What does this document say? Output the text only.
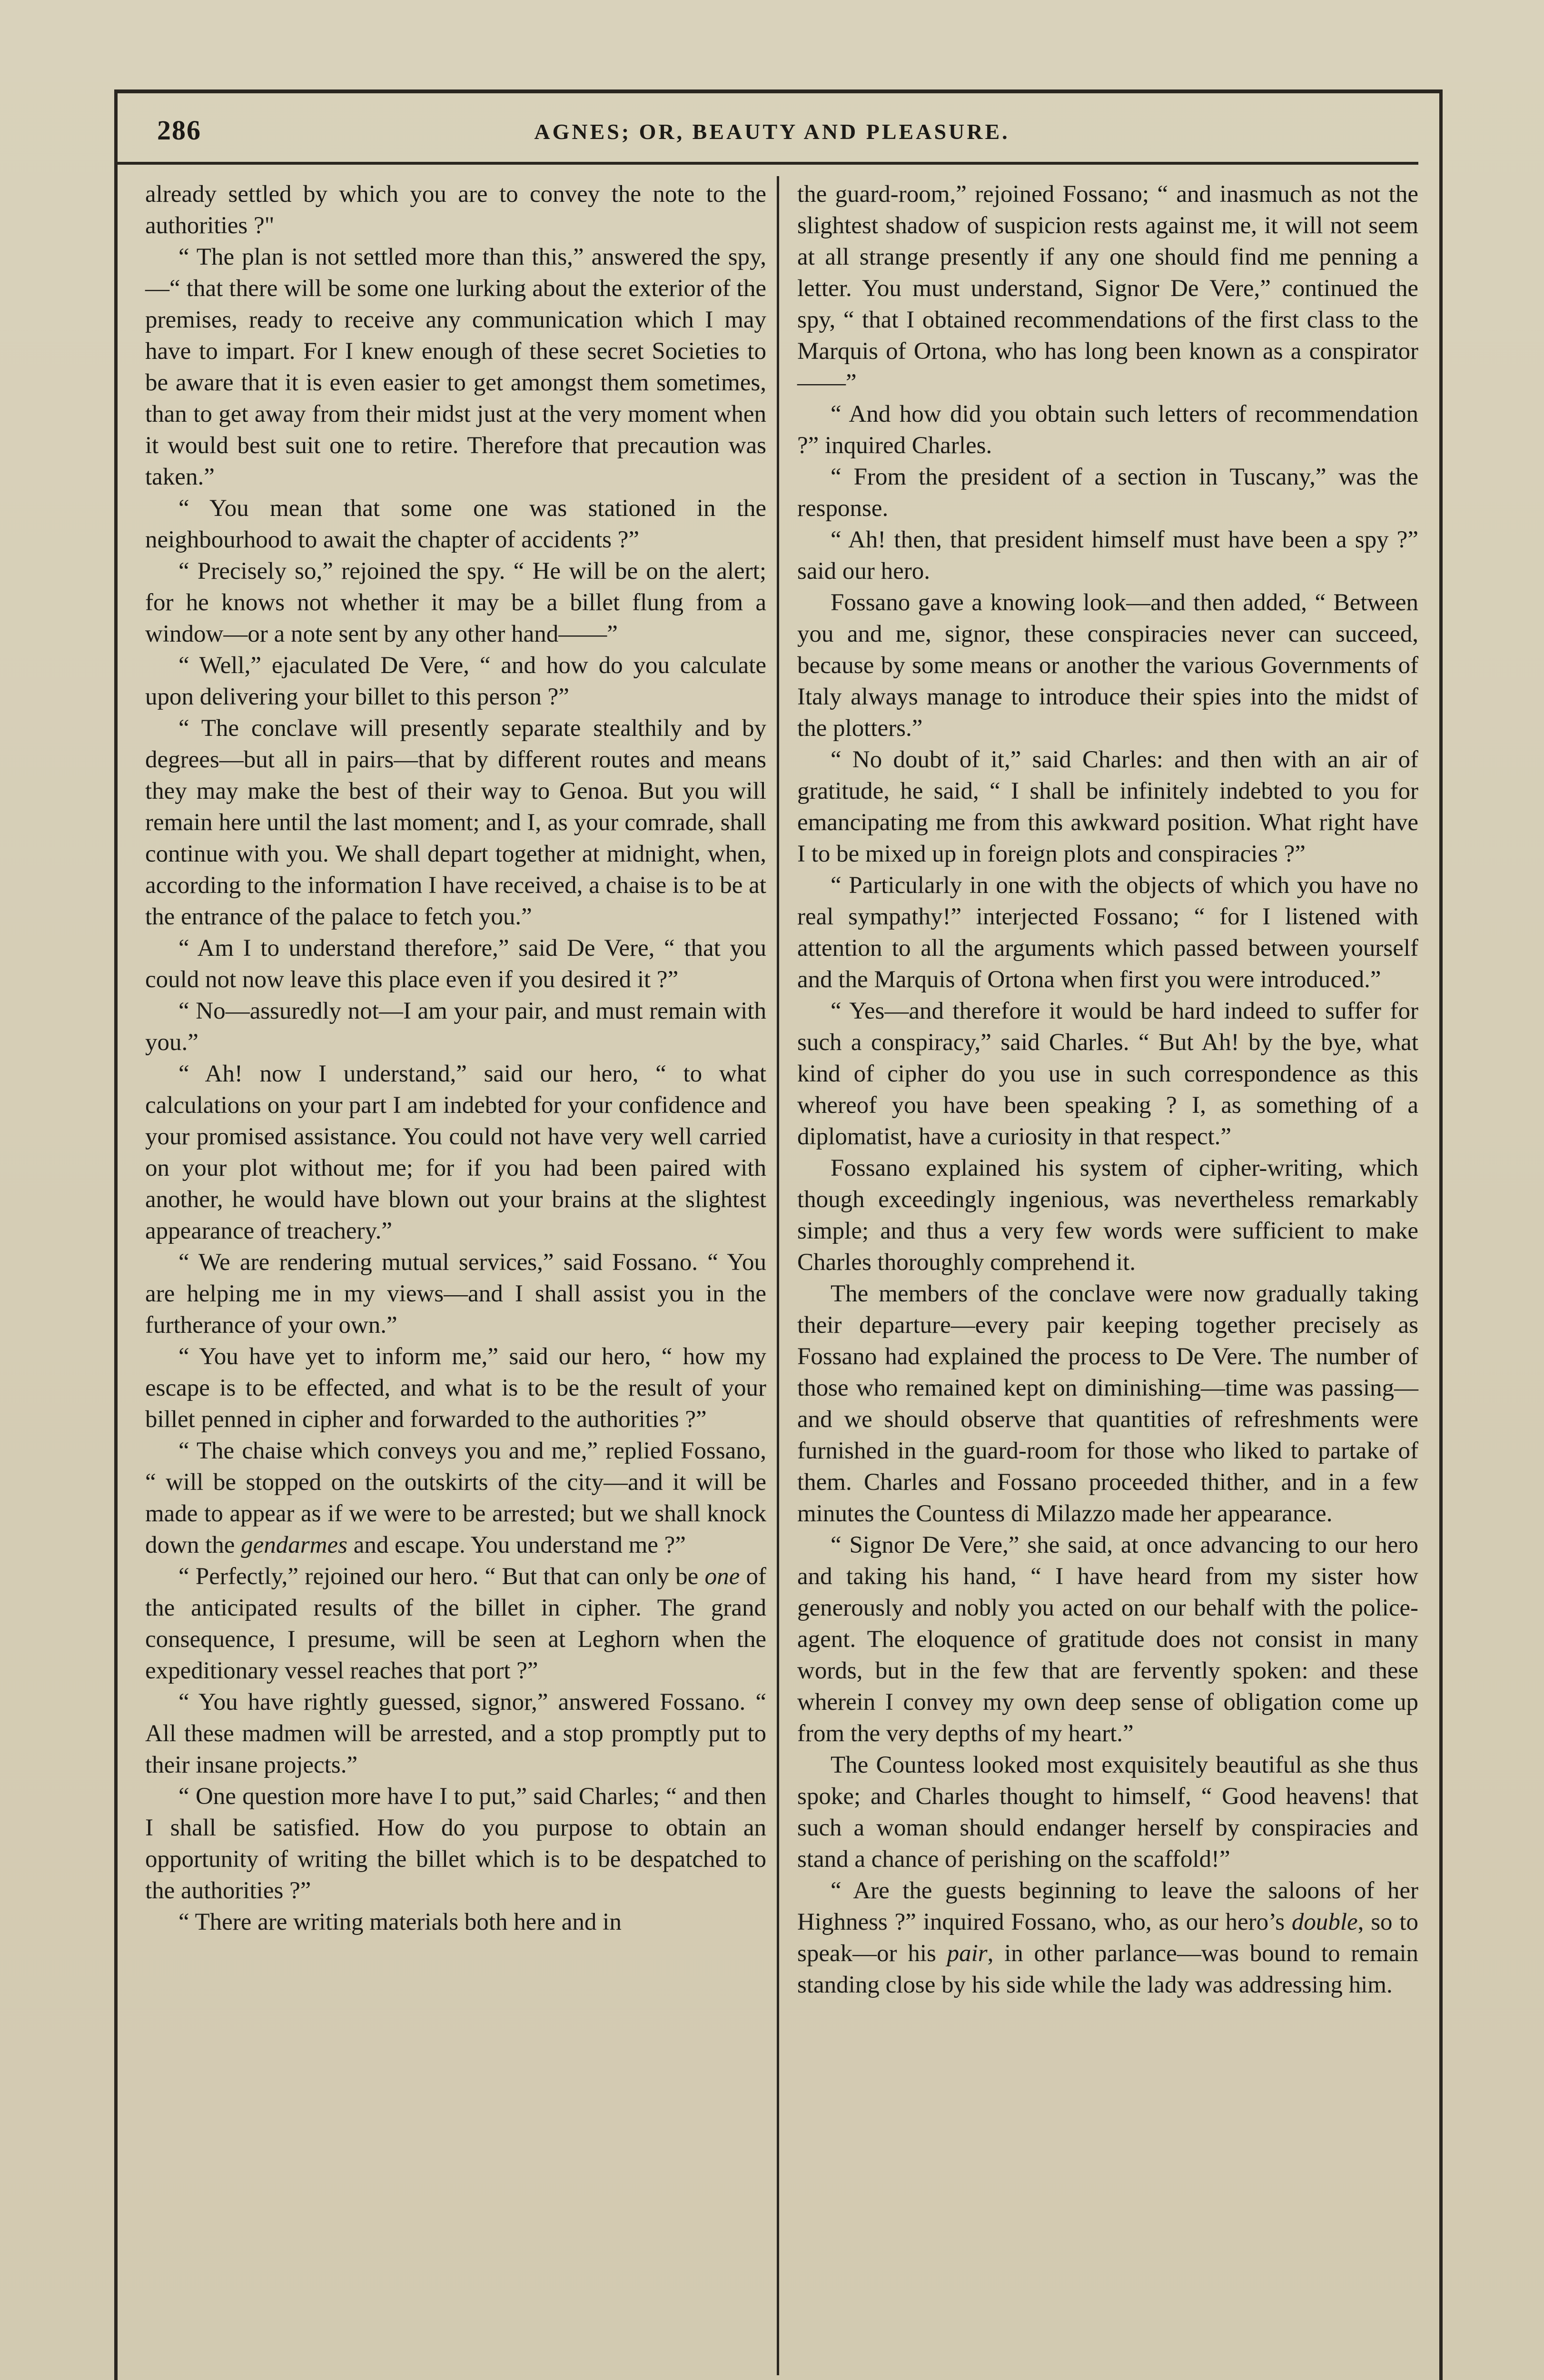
286	AGNES; OR, BEAUTY AND PLEASURE.

already settled by which you are to convey the note to the authorities ?"

“ The plan is not settled more than this,” answered the spy,—“ that there will be some one lurking about the exterior of the premises, ready to receive any communication which I may have to impart. For I knew enough of these secret Societies to be aware that it is even easier to get amongst them sometimes, than to get away from their midst just at the very moment when it would best suit one to retire. Therefore that precaution was taken.”

“ You mean that some one was stationed in the neighbourhood to await the chapter of accidents ?”

“ Precisely so,” rejoined the spy. “ He will be on the alert; for he knows not whether it may be a billet flung from a window—or a note sent by any other hand——”

“ Well,” ejaculated De Vere, “ and how do you calculate upon delivering your billet to this person ?”

“ The conclave will presently separate stealthily and by degrees—but all in pairs—that by different routes and means they may make the best of their way to Genoa. But you will remain here until the last moment; and I, as your comrade, shall continue with you. We shall depart together at midnight, when, according to the information I have received, a chaise is to be at the entrance of the palace to fetch you.”

“ Am I to understand therefore,” said De Vere, “ that you could not now leave this place even if you desired it ?”

“ No—assuredly not—I am your pair, and must remain with you.”

“ Ah! now I understand,” said our hero, “ to what calculations on your part I am indebted for your confidence and your promised assistance. You could not have very well carried on your plot without me; for if you had been paired with another, he would have blown out your brains at the slightest appearance of treachery.”

“ We are rendering mutual services,” said Fossano. “ You are helping me in my views—and I shall assist you in the furtherance of your own.”

“ You have yet to inform me,” said our hero, “ how my escape is to be effected, and what is to be the result of your billet penned in cipher and forwarded to the authorities ?”

“ The chaise which conveys you and me,” replied Fossano, “ will be stopped on the outskirts of the city—and it will be made to appear as if we were to be arrested; but we shall knock down the gendarmes and escape. You understand me ?”

“ Perfectly,” rejoined our hero. “ But that can only be one of the anticipated results of the billet in cipher. The grand consequence, I presume, will be seen at Leghorn when the expeditionary vessel reaches that port ?”

“ You have rightly guessed, signor,” answered Fossano. “ All these madmen will be arrested, and a stop promptly put to their insane projects.”

“ One question more have I to put,” said Charles; “ and then I shall be satisfied. How do you purpose to obtain an opportunity of writing the billet which is to be despatched to the authorities ?”

“ There are writing materials both here and in

the guard-room,” rejoined Fossano; “ and inasmuch as not the slightest shadow of suspicion rests against me, it will not seem at all strange presently if any one should find me penning a letter. You must understand, Signor De Vere,” continued the spy, “ that I obtained recommendations of the first class to the Marquis of Ortona, who has long been known as a conspirator——”

“ And how did you obtain such letters of recommendation ?” inquired Charles.

“ From the president of a section in Tuscany,” was the response.

“ Ah! then, that president himself must have been a spy ?” said our hero.

Fossano gave a knowing look—and then added, “ Between you and me, signor, these conspiracies never can succeed, because by some means or another the various Governments of Italy always manage to introduce their spies into the midst of the plotters.”

“ No doubt of it,” said Charles: and then with an air of gratitude, he said, “ I shall be infinitely indebted to you for emancipating me from this awkward position. What right have I to be mixed up in foreign plots and conspiracies ?”

“ Particularly in one with the objects of which you have no real sympathy!” interjected Fossano; “ for I listened with attention to all the arguments which passed between yourself and the Marquis of Ortona when first you were introduced.”

“ Yes—and therefore it would be hard indeed to suffer for such a conspiracy,” said Charles. “ But Ah! by the bye, what kind of cipher do you use in such correspondence as this whereof you have been speaking ? I, as something of a diplomatist, have a curiosity in that respect.”

Fossano explained his system of cipher-writing, which though exceedingly ingenious, was nevertheless remarkably simple; and thus a very few words were sufficient to make Charles thoroughly comprehend it.

The members of the conclave were now gradually taking their departure—every pair keeping together precisely as Fossano had explained the process to De Vere. The number of those who remained kept on diminishing—time was passing—and we should observe that quantities of refreshments were furnished in the guard-room for those who liked to partake of them. Charles and Fossano proceeded thither, and in a few minutes the Countess di Milazzo made her appearance.

“ Signor De Vere,” she said, at once advancing to our hero and taking his hand, “ I have heard from my sister how generously and nobly you acted on our behalf with the police-agent. The eloquence of gratitude does not consist in many words, but in the few that are fervently spoken: and these wherein I convey my own deep sense of obligation come up from the very depths of my heart.”

The Countess looked most exquisitely beautiful as she thus spoke; and Charles thought to himself, “ Good heavens! that such a woman should endanger herself by conspiracies and stand a chance of perishing on the scaffold!”

“ Are the guests beginning to leave the saloons of her Highness ?” inquired Fossano, who, as our hero’s double, so to speak—or his pair, in other parlance—was bound to remain standing close by his side while the lady was addressing him.
